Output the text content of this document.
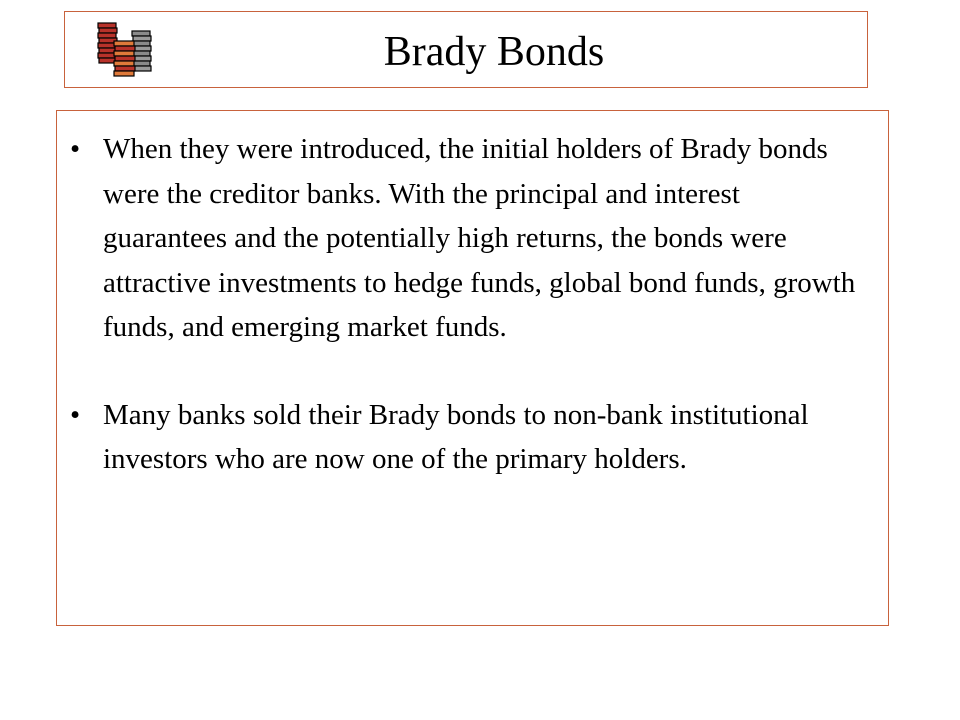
Brady Bonds
• When they were introduced, the initial holders of Brady bonds were the creditor banks. With the principal and interest guarantees and the potentially high returns, the bonds were attractive investments to hedge funds, global bond funds, growth funds, and emerging market funds.
• Many banks sold their Brady bonds to non-bank institutional investors who are now one of the primary holders.
